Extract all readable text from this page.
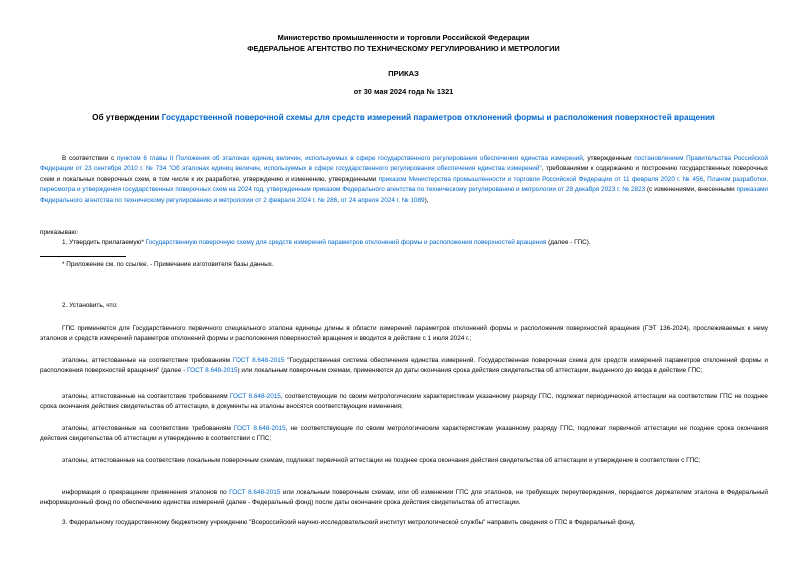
Министерство промышленности и торговли Российской Федерации
ФЕДЕРАЛЬНОЕ АГЕНТСТВО ПО ТЕХНИЧЕСКОМУ РЕГУЛИРОВАНИЮ И МЕТРОЛОГИИ
ПРИКАЗ
от 30 мая 2024 года № 1321
Об утверждении Государственной поверочной схемы для средств измерений параметров отклонений формы и расположения поверхностей вращения
В соответствии с пунктом 6 главы II Положения об эталонах единиц величин, используемых в сфере государственного регулирования обеспечения единства измерений, утвержденным постановлением Правительства Российской Федерации от 23 сентября 2010 г. № 734 "Об эталонах единиц величин, используемых в сфере государственного регулирования обеспечения единства измерений", требованиями к содержанию и построению государственных поверочных схем и локальных поверочных схем, в том числе к их разработке, утверждению и изменению, утвержденными приказом Министерства промышленности и торговли Российской Федерации от 11 февраля 2020 г. № 456, Планом разработки, пересмотра и утверждения государственных поверочных схем на 2024 год, утвержденным приказом Федерального агентства по техническому регулированию и метрологии от 28 декабря 2023 г. № 2823 (с изменениями, внесенными приказами Федерального агентства по техническому регулированию и метрологии от 2 февраля 2024 г. № 286, от 24 апреля 2024 г. № 1089),
приказываю:
1. Утвердить прилагаемую* Государственную поверочную схему для средств измерений параметров отклонений формы и расположения поверхностей вращения (далее - ГПС).
* Приложение см. по ссылке. - Примечание изготовителя базы данных.
2. Установить, что:
ГПС применяется для Государственного первичного специального эталона единицы длины в области измерений параметров отклонений формы и расположения поверхностей вращения (ГЭТ 136-2024), прослеживаемых к нему эталонов и средств измерений параметров отклонений формы и расположения поверхностей вращения и вводится в действие с 1 июля 2024 г.;
эталоны, аттестованные на соответствие требованиям ГОСТ 8.648-2015 "Государственная система обеспечения единства измерений. Государственная поверочная схема для средств измерений параметров отклонений формы и расположения поверхностей вращения" (далее - ГОСТ 8.648-2015) или локальным поверочным схемам, применяются до даты окончания срока действия свидетельства об аттестации, выданного до ввода в действие ГПС;
эталоны, аттестованные на соответствие требованиям ГОСТ 8.648-2015, соответствующие по своим метрологическим характеристикам указанному разряду ГПС, подлежат периодической аттестации на соответствие ГПС не позднее срока окончания действия свидетельства об аттестации, в документы на эталоны вносятся соответствующие изменения;
эталоны, аттестованные на соответствие требованиям ГОСТ 8.648-2015, не соответствующие по своим метрологическим характеристикам указанному разряду ГПС, подлежат первичной аттестации не позднее срока окончания действия свидетельства об аттестации и утверждению в соответствии с ГПС;
эталоны, аттестованные на соответствие локальным поверочным схемам, подлежат первичной аттестации не позднее срока окончания действия свидетельства об аттестации и утверждение в соответствии с ГПС;
информация о прекращении применения эталонов по ГОСТ 8.648-2015 или локальным поверочным схемам, или об изменении ГПС для эталонов, не требующих переутверждения, передается держателем эталона в Федеральный информационный фонд по обеспечению единства измерений (далее - Федеральный фонд) после даты окончания срока действия свидетельства об аттестации.
3. Федеральному государственному бюджетному учреждению "Всероссийский научно-исследовательский институт метрологической службы" направить сведения о ГПС в Федеральный фонд.
